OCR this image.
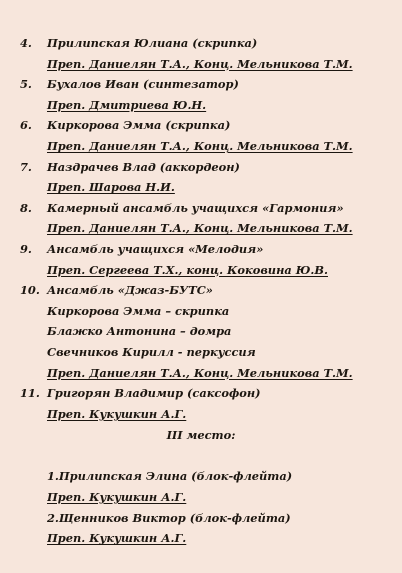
4. Прилипская Юлиана (скрипка)
Преп. Даниелян Т.А., Конц. Мельникова Т.М.
5. Бухалов Иван (синтезатор)
Преп. Дмитриева Ю.Н.
6. Киркорова Эмма (скрипка)
Преп. Даниелян Т.А., Конц. Мельникова Т.М.
7. Наздрачев Влад (аккордеон)
Преп. Шарова Н.И.
8. Камерный ансамбль учащихся «Гармония»
Преп. Даниелян Т.А., Конц. Мельникова Т.М.
9. Ансамбль учащихся «Мелодия»
Преп. Сергеева Т.Х., конц. Коковина Ю.В.
10. Ансамбль «Джаз-БУТС»
Киркорова Эмма – скрипка
Блажко Антонина – домра
Свечников Кирилл - перкуссия
Преп. Даниелян Т.А., Конц. Мельникова Т.М.
11. Григорян Владимир (саксофон)
Преп. Кукушкин А.Г.
III место:
1.Прилипская Элина (блок-флейта)
Преп. Кукушкин А.Г.
2.Щенников Виктор (блок-флейта)
Преп. Кукушкин А.Г.
